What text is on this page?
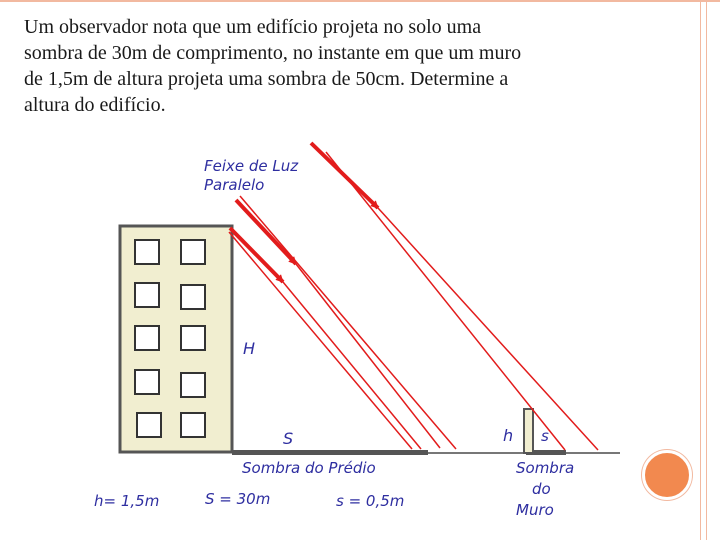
Um observador nota que um edifício projeta no solo uma
sombra de 30m de comprimento, no instante em que um muro
de 1,5m de altura projeta uma sombra de 50cm. Determine a
altura do edifício.
Feixe de Luz
Paralelo
H
S
Sombra do Prédio
h s
Sombra
do
Muro
h= 1,5m	S = 30m	s = 0,5m
